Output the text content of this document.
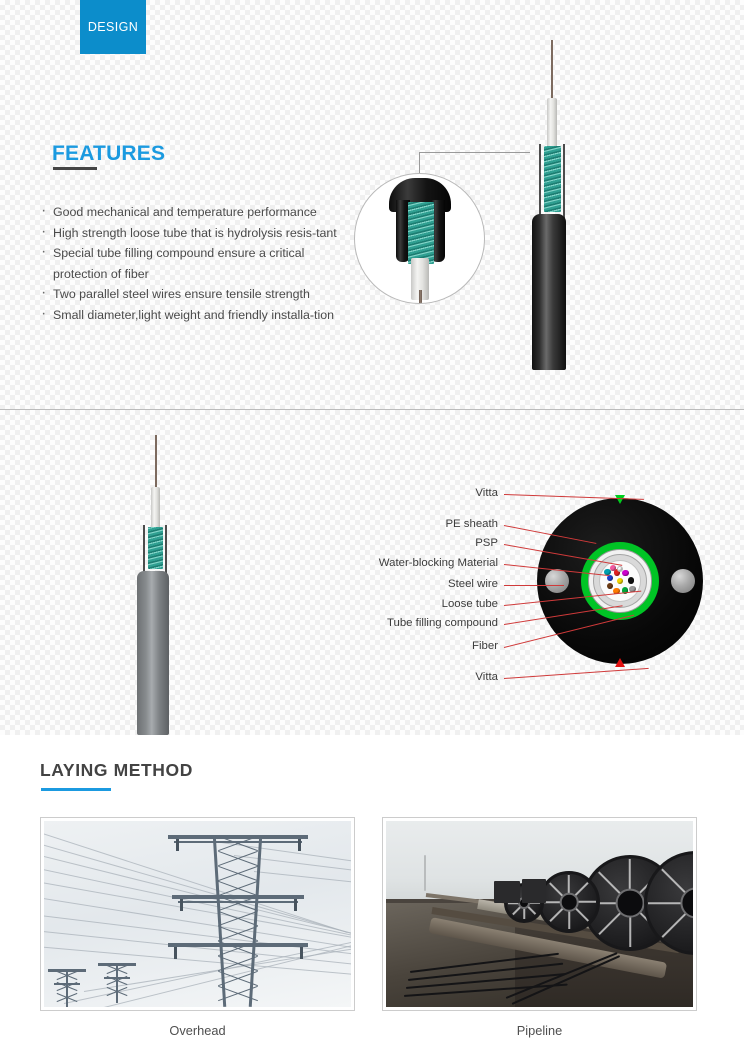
DESIGN
FEATURES
· Good mechanical and temperature performance
· High strength loose tube that is hydrolysis resis-tant
· Special tube filling compound ensure a critical protection of fiber
· Two parallel steel wires ensure tensile strength
· Small diameter,light weight and friendly installa-tion
Vitta
PE sheath
PSP
Water-blocking Material
Steel wire
Loose tube
Tube filling compound
Fiber
Vitta
LAYING METHOD
Overhead	Pipeline
